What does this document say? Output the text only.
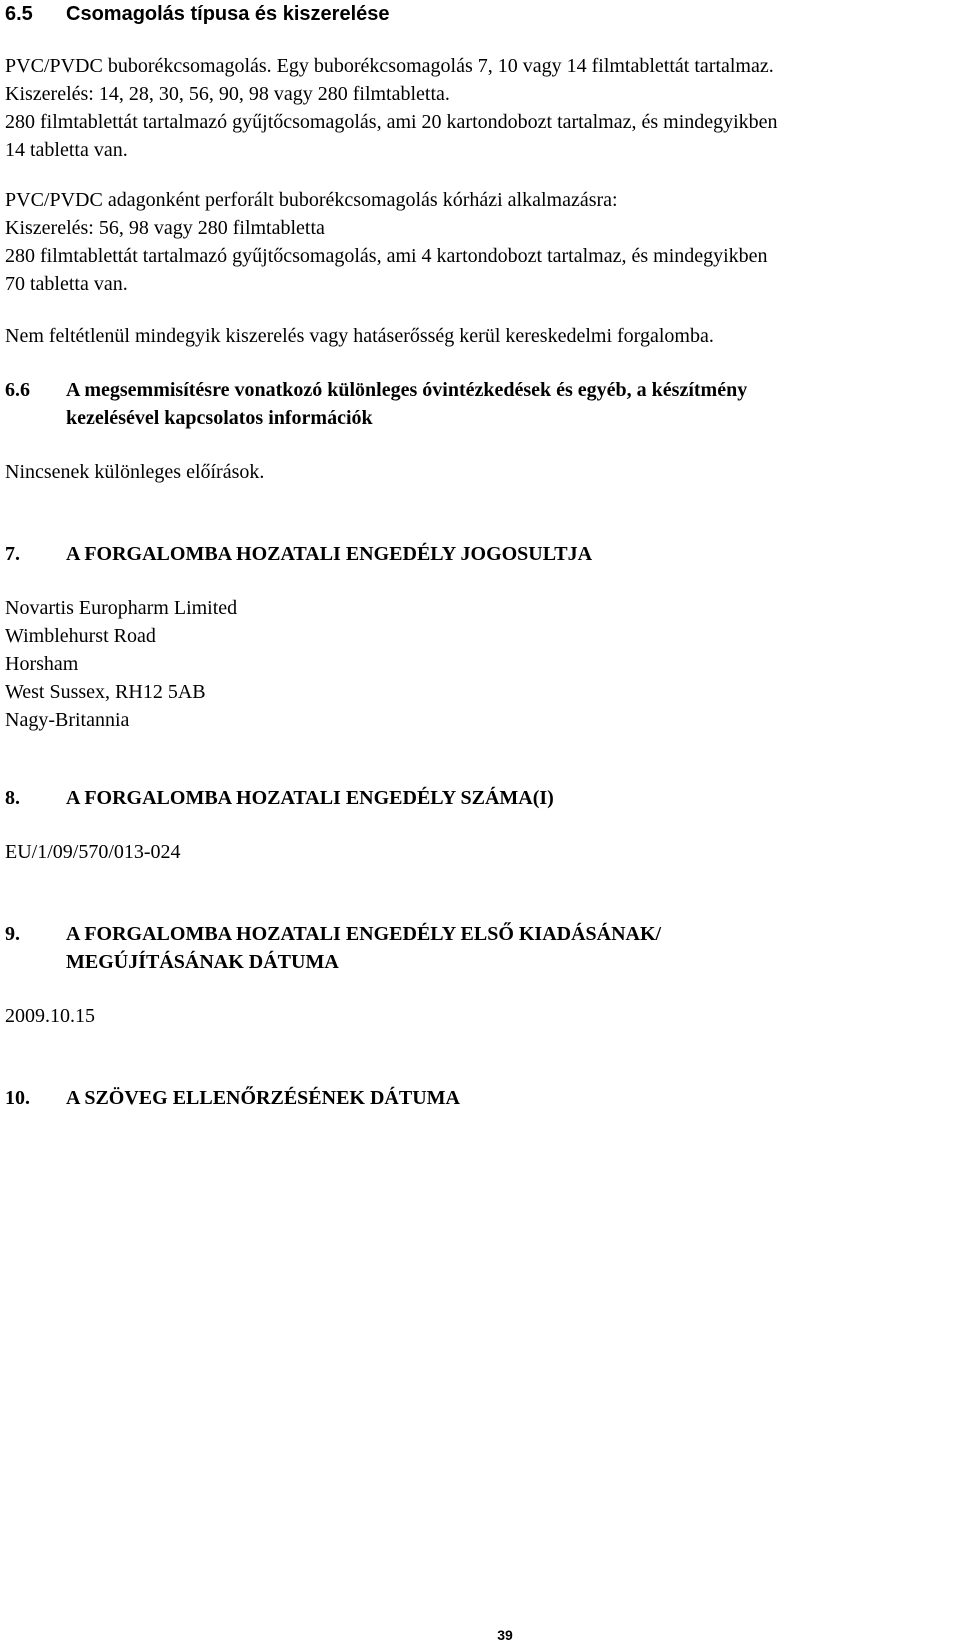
6.5 Csomagolás típusa és kiszerelése
PVC/PVDC buborékcsomagolás. Egy buborékcsomagolás 7, 10 vagy 14 filmtablettát tartalmaz.
Kiszerelés: 14, 28, 30, 56, 90, 98 vagy 280 filmtabletta.
280 filmtablettát tartalmazó gyűjtőcsomagolás, ami 20 kartondobozt tartalmaz, és mindegyikben
14 tabletta van.
PVC/PVDC adagonként perforált buborékcsomagolás kórházi alkalmazásra:
Kiszerelés: 56, 98 vagy 280 filmtabletta
280 filmtablettát tartalmazó gyűjtőcsomagolás, ami 4 kartondobozt tartalmaz, és mindegyikben
70 tabletta van.
Nem feltétlenül mindegyik kiszerelés vagy hatáserősség kerül kereskedelmi forgalomba.
6.6 A megsemmisítésre vonatkozó különleges óvintézkedések és egyéb, a készítmény
kezelésével kapcsolatos információk
Nincsenek különleges előírások.
7. A FORGALOMBA HOZATALI ENGEDÉLY JOGOSULTJA
Novartis Europharm Limited
Wimblehurst Road
Horsham
West Sussex, RH12 5AB
Nagy-Britannia
8. A FORGALOMBA HOZATALI ENGEDÉLY SZÁMA(I)
EU/1/09/570/013-024
9. A FORGALOMBA HOZATALI ENGEDÉLY ELSŐ KIADÁSÁNAK/
MEGÚJÍTÁSÁNAK DÁTUMA
2009.10.15
10. A SZÖVEG ELLENŐRZÉSÉNEK DÁTUMA
39
